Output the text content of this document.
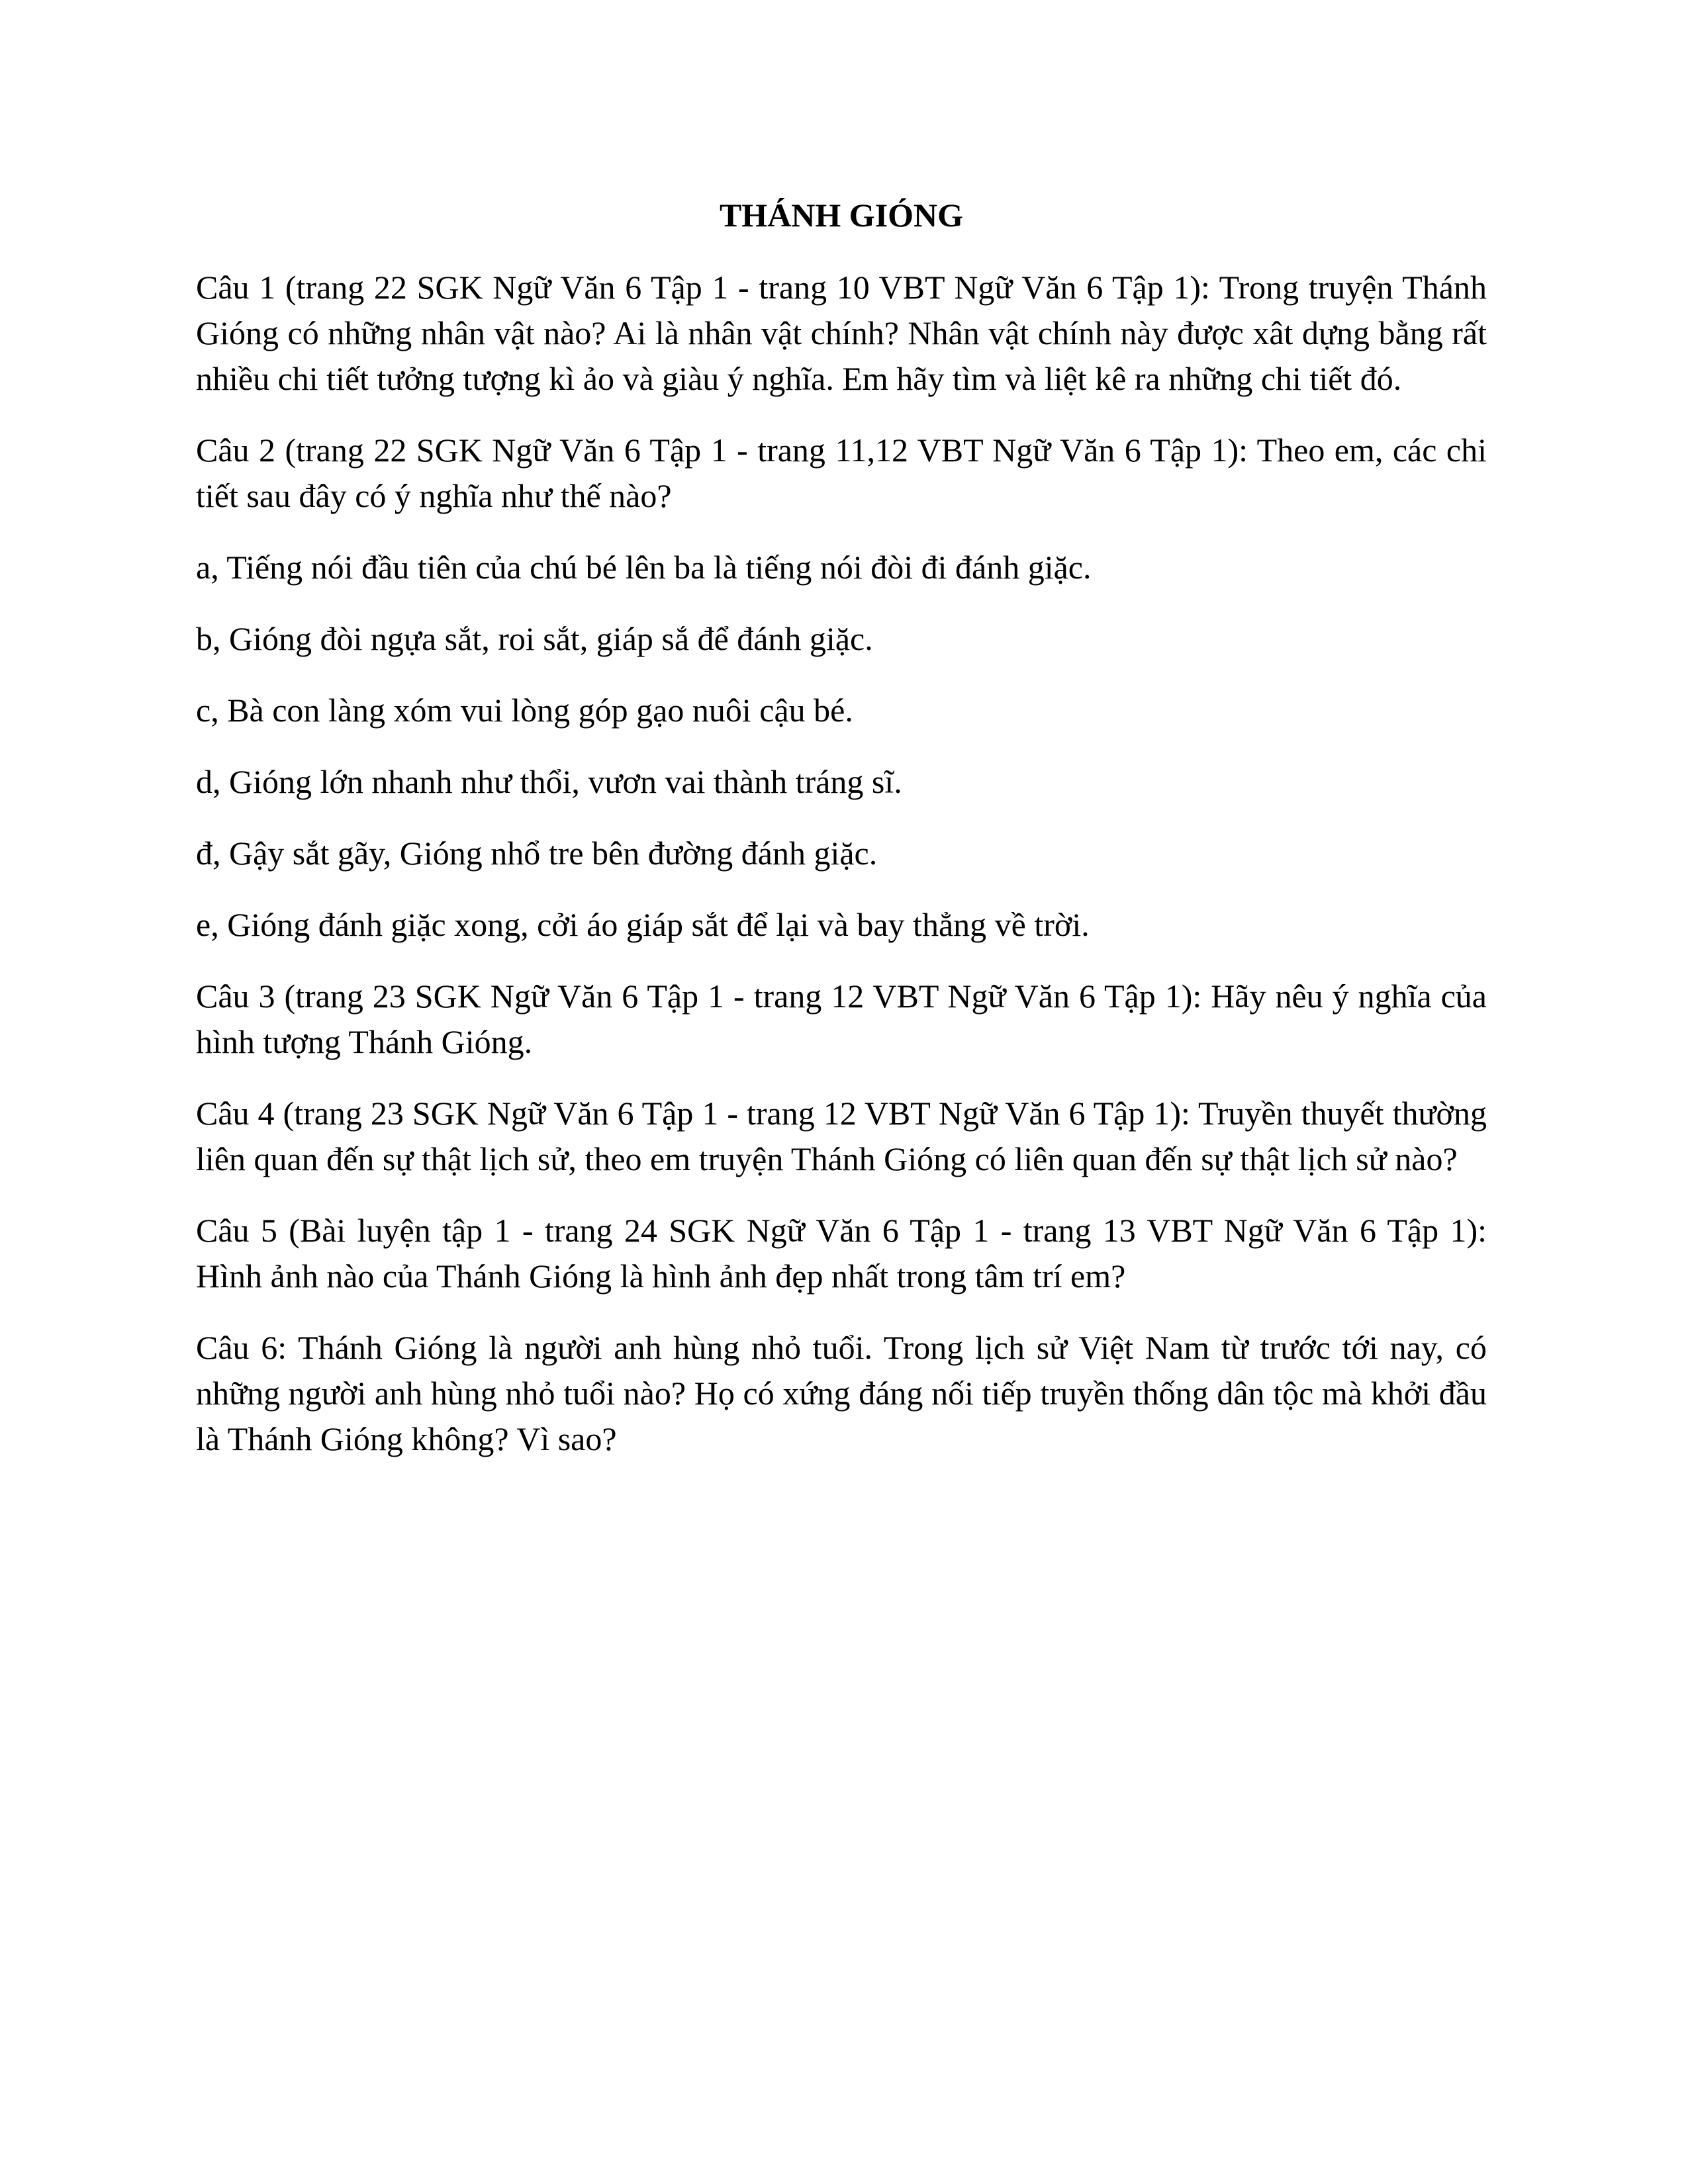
THÁNH GIÓNG

Câu 1 (trang 22 SGK Ngữ Văn 6 Tập 1 - trang 10 VBT Ngữ Văn 6 Tập 1): Trong truyện Thánh Gióng có những nhân vật nào? Ai là nhân vật chính? Nhân vật chính này được xât dựng bằng rất nhiều chi tiết tưởng tượng kì ảo và giàu ý nghĩa. Em hãy tìm và liệt kê ra những chi tiết đó.

Câu 2 (trang 22 SGK Ngữ Văn 6 Tập 1 - trang 11,12 VBT Ngữ Văn 6 Tập 1): Theo em, các chi tiết sau đây có ý nghĩa như thế nào?

a, Tiếng nói đầu tiên của chú bé lên ba là tiếng nói đòi đi đánh giặc.

b, Gióng đòi ngựa sắt, roi sắt, giáp sắ để đánh giặc.

c, Bà con làng xóm vui lòng góp gạo nuôi cậu bé.

d, Gióng lớn nhanh như thổi, vươn vai thành tráng sĩ.

đ, Gậy sắt gãy, Gióng nhổ tre bên đường đánh giặc.

e, Gióng đánh giặc xong, cởi áo giáp sắt để lại và bay thẳng về trời.

Câu 3 (trang 23 SGK Ngữ Văn 6 Tập 1 - trang 12 VBT Ngữ Văn 6 Tập 1): Hãy nêu ý nghĩa của hình tượng Thánh Gióng.

Câu 4 (trang 23 SGK Ngữ Văn 6 Tập 1 - trang 12 VBT Ngữ Văn 6 Tập 1): Truyền thuyết thường liên quan đến sự thật lịch sử, theo em truyện Thánh Gióng có liên quan đến sự thật lịch sử nào?

Câu 5 (Bài luyện tập 1 - trang 24 SGK Ngữ Văn 6 Tập 1 - trang 13 VBT Ngữ Văn 6 Tập 1): Hình ảnh nào của Thánh Gióng là hình ảnh đẹp nhất trong tâm trí em?

Câu 6: Thánh Gióng là người anh hùng nhỏ tuổi. Trong lịch sử Việt Nam từ trước tới nay, có những người anh hùng nhỏ tuổi nào? Họ có xứng đáng nối tiếp truyền thống dân tộc mà khởi đầu là Thánh Gióng không? Vì sao?
